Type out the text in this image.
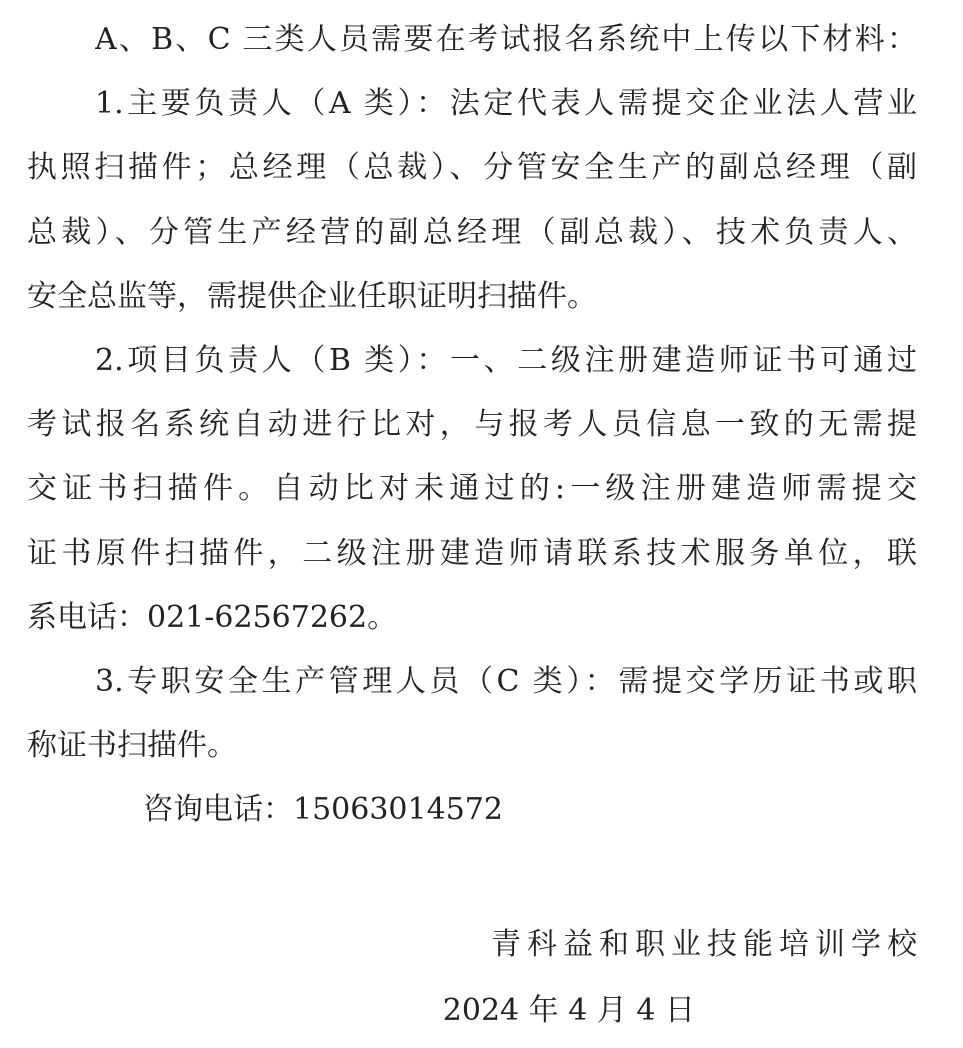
A、B、C 三类人员需要在考试报名系统中上传以下材料：
1.主要负责人（A 类）：法定代表人需提交企业法人营业
执照扫描件；总经理（总裁）、分管安全生产的副总经理（副
总裁）、分管生产经营的副总经理（副总裁）、技术负责人、
安全总监等，需提供企业任职证明扫描件。
2.项目负责人（B 类）：一、二级注册建造师证书可通过
考试报名系统自动进行比对，与报考人员信息一致的无需提
交证书扫描件。自动比对未通过的:一级注册建造师需提交
证书原件扫描件，二级注册建造师请联系技术服务单位，联
系电话：021-62567262。
3.专职安全生产管理人员（C 类）：需提交学历证书或职
称证书扫描件。
咨询电话：15063014572
青科益和职业技能培训学校
2024 年 4 月 4 日
